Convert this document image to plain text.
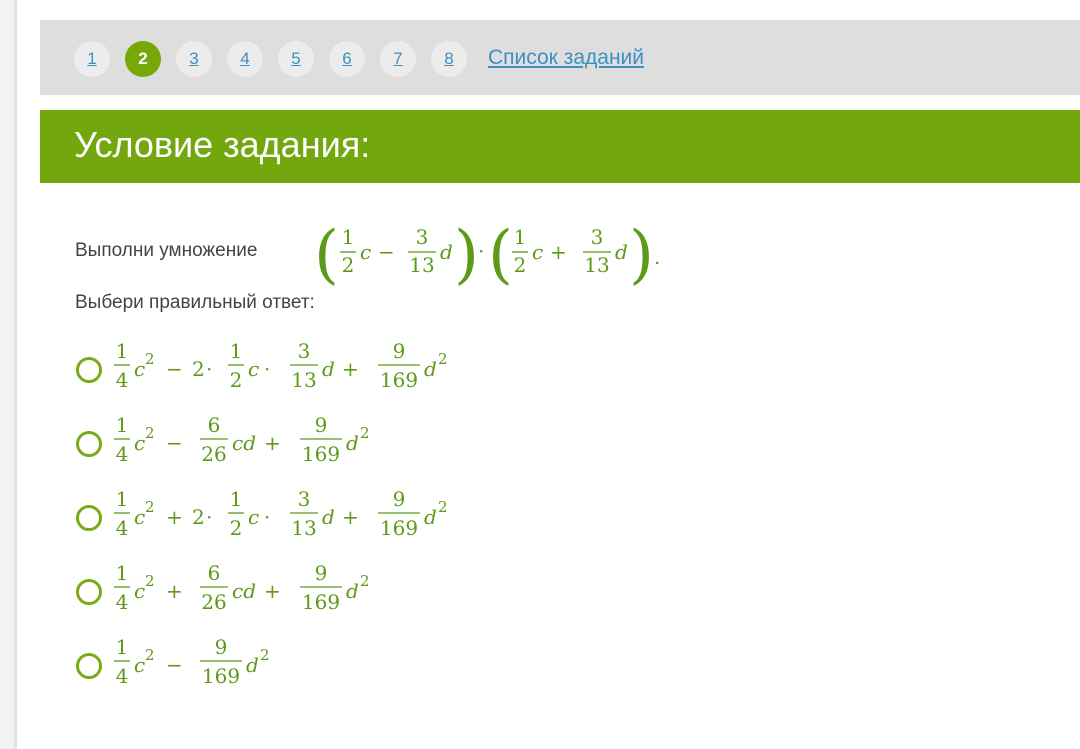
1	2	3	4	5	6	7	8	Список заданий
Условие задания:
Выполни умножение ( 1
2
c −
3
13
d ) · ( 1
2
c +
3
13
d ) .
Выбери правильный ответ:
1
4 c 2 − 2 ·
1
2 c ·
3
13 d +
9
169 d 2
1
4 c 2 −
6
26 cd +
9
169 d 2
1
4 c 2 + 2 ·
1
2 c ·
3
13 d +
9
169 d 2
1
4 c 2 +
6
26 cd +
9
169 d 2
1
4 c 2 −
9
169 d 2
